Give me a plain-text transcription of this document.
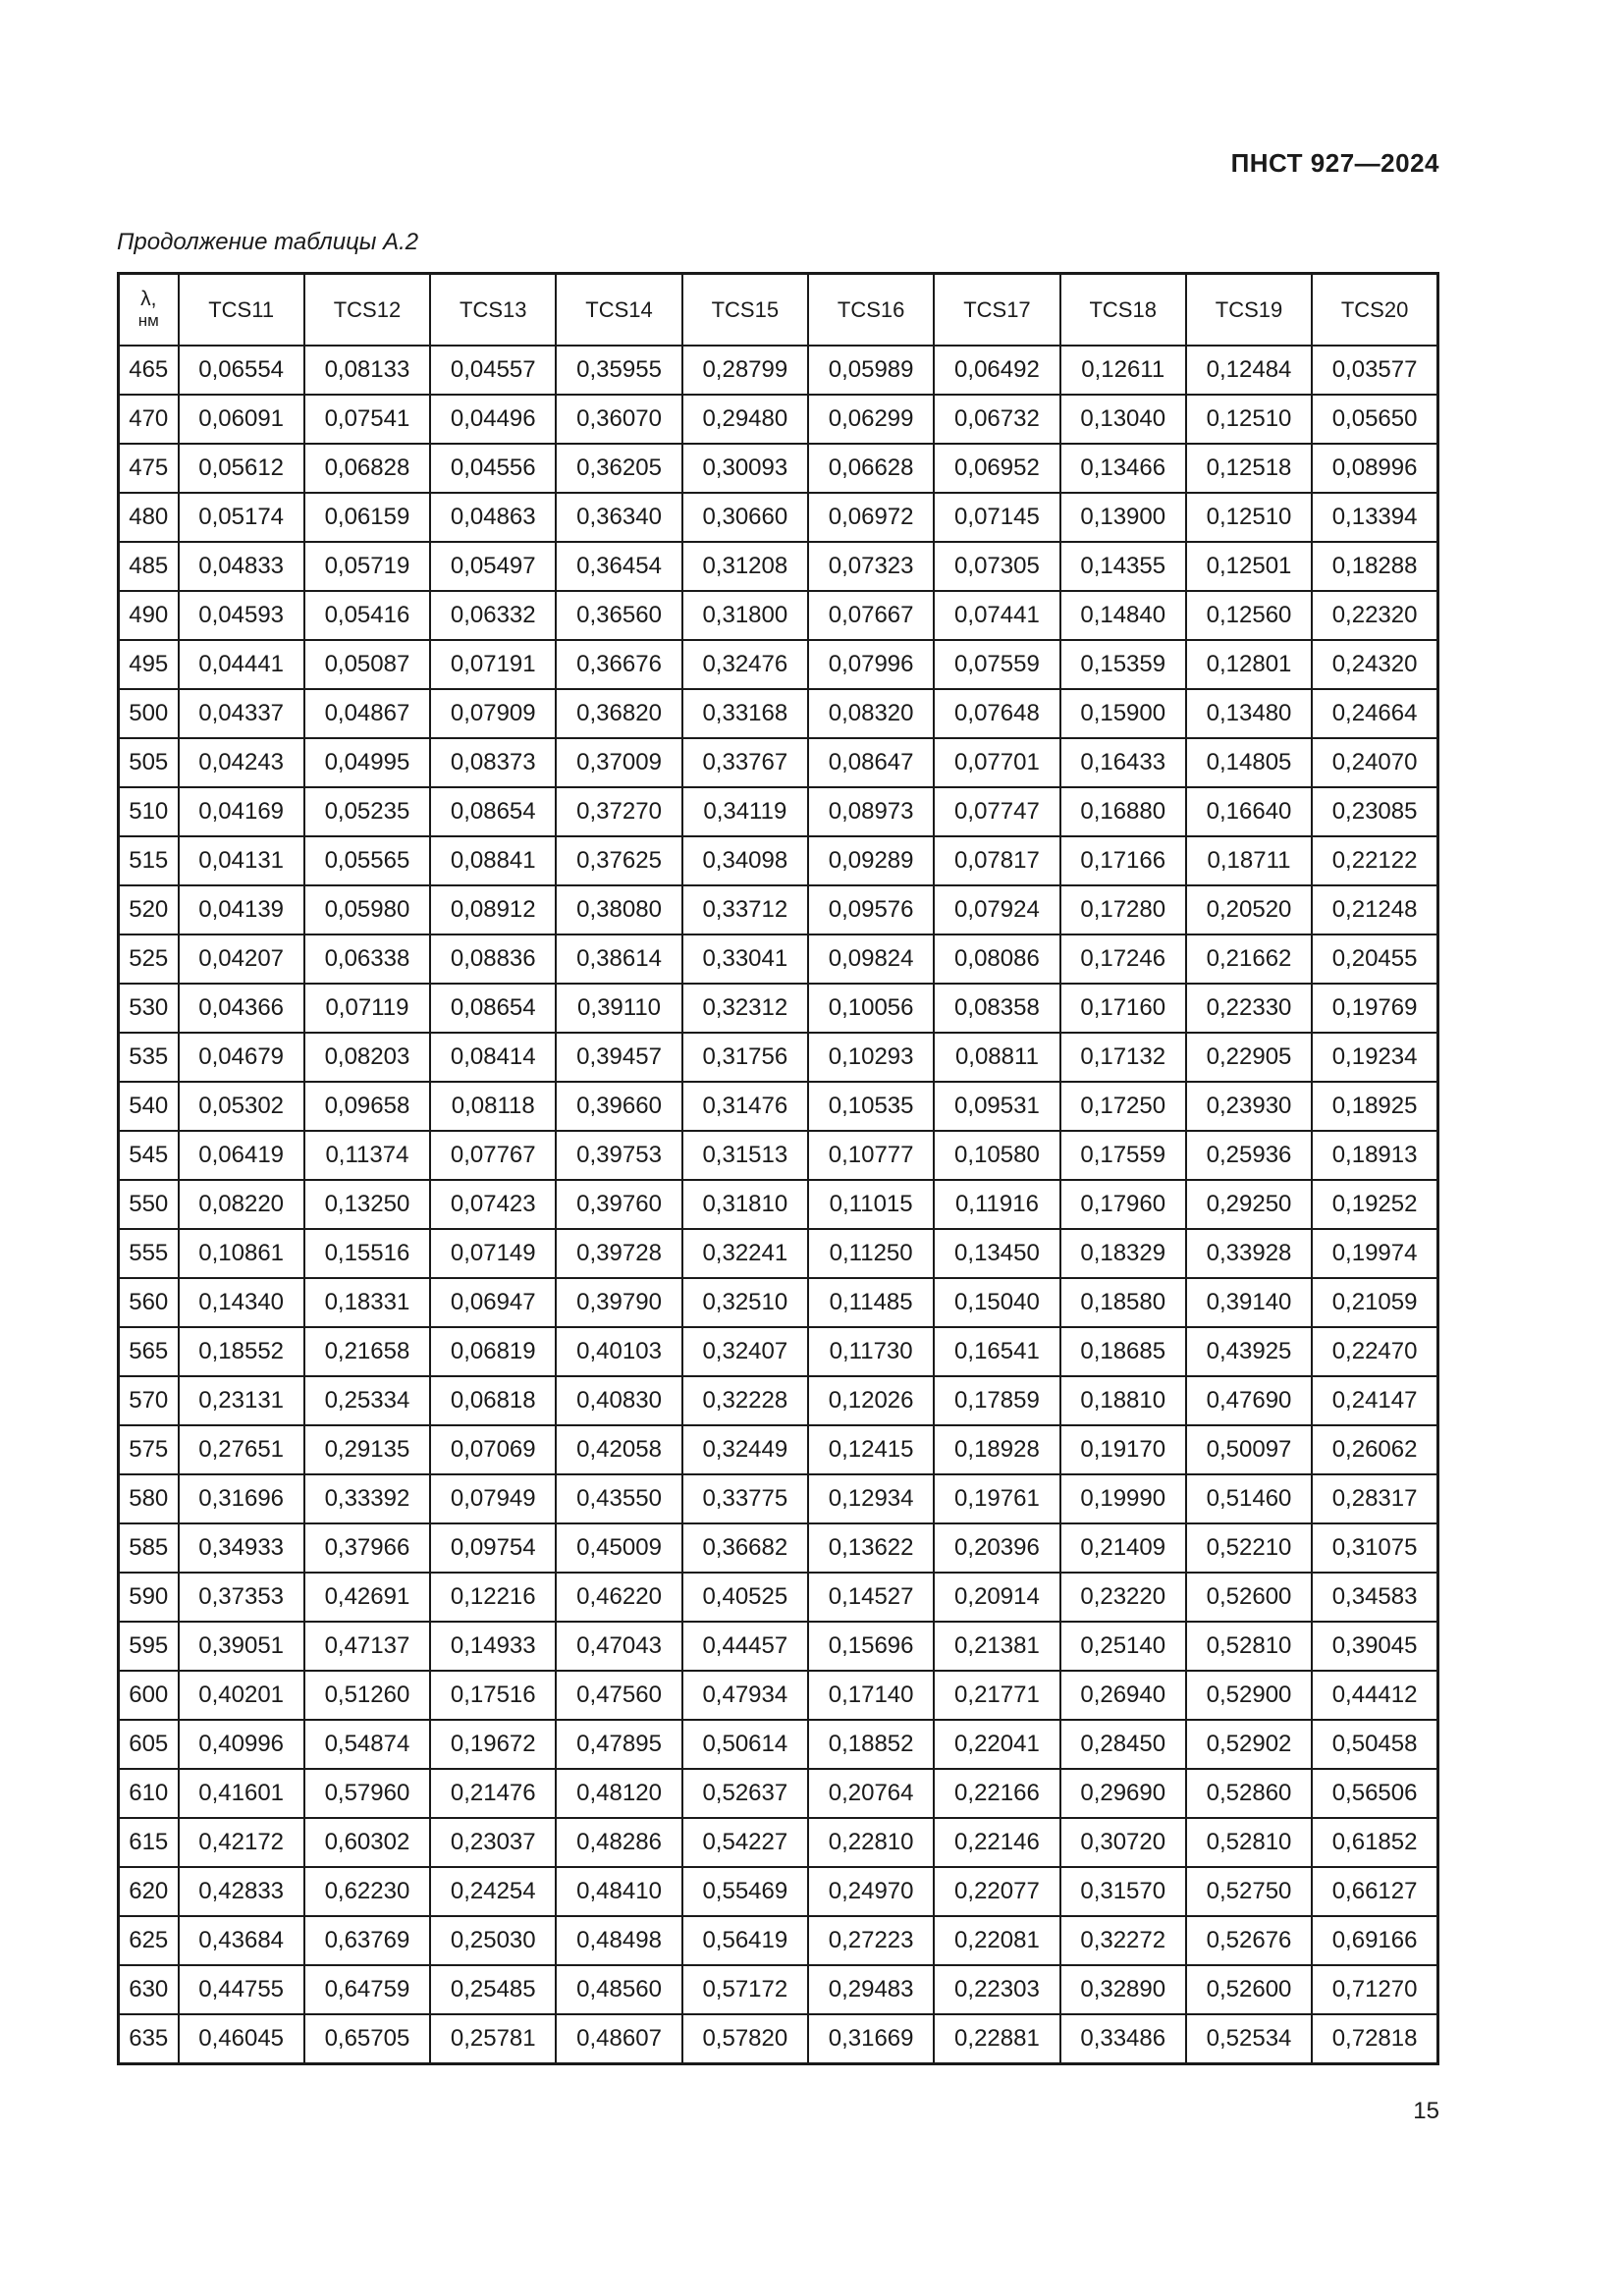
ПНСТ 927—2024
Продолжение таблицы А.2
λ,
нм	TCS11	TCS12	TCS13	TCS14	TCS15	TCS16	TCS17	TCS18	TCS19	TCS20
465	0,06554	0,08133	0,04557	0,35955	0,28799	0,05989	0,06492	0,12611	0,12484	0,03577
470	0,06091	0,07541	0,04496	0,36070	0,29480	0,06299	0,06732	0,13040	0,12510	0,05650
475	0,05612	0,06828	0,04556	0,36205	0,30093	0,06628	0,06952	0,13466	0,12518	0,08996
480	0,05174	0,06159	0,04863	0,36340	0,30660	0,06972	0,07145	0,13900	0,12510	0,13394
485	0,04833	0,05719	0,05497	0,36454	0,31208	0,07323	0,07305	0,14355	0,12501	0,18288
490	0,04593	0,05416	0,06332	0,36560	0,31800	0,07667	0,07441	0,14840	0,12560	0,22320
495	0,04441	0,05087	0,07191	0,36676	0,32476	0,07996	0,07559	0,15359	0,12801	0,24320
500	0,04337	0,04867	0,07909	0,36820	0,33168	0,08320	0,07648	0,15900	0,13480	0,24664
505	0,04243	0,04995	0,08373	0,37009	0,33767	0,08647	0,07701	0,16433	0,14805	0,24070
510	0,04169	0,05235	0,08654	0,37270	0,34119	0,08973	0,07747	0,16880	0,16640	0,23085
515	0,04131	0,05565	0,08841	0,37625	0,34098	0,09289	0,07817	0,17166	0,18711	0,22122
520	0,04139	0,05980	0,08912	0,38080	0,33712	0,09576	0,07924	0,17280	0,20520	0,21248
525	0,04207	0,06338	0,08836	0,38614	0,33041	0,09824	0,08086	0,17246	0,21662	0,20455
530	0,04366	0,07119	0,08654	0,39110	0,32312	0,10056	0,08358	0,17160	0,22330	0,19769
535	0,04679	0,08203	0,08414	0,39457	0,31756	0,10293	0,08811	0,17132	0,22905	0,19234
540	0,05302	0,09658	0,08118	0,39660	0,31476	0,10535	0,09531	0,17250	0,23930	0,18925
545	0,06419	0,11374	0,07767	0,39753	0,31513	0,10777	0,10580	0,17559	0,25936	0,18913
550	0,08220	0,13250	0,07423	0,39760	0,31810	0,11015	0,11916	0,17960	0,29250	0,19252
555	0,10861	0,15516	0,07149	0,39728	0,32241	0,11250	0,13450	0,18329	0,33928	0,19974
560	0,14340	0,18331	0,06947	0,39790	0,32510	0,11485	0,15040	0,18580	0,39140	0,21059
565	0,18552	0,21658	0,06819	0,40103	0,32407	0,11730	0,16541	0,18685	0,43925	0,22470
570	0,23131	0,25334	0,06818	0,40830	0,32228	0,12026	0,17859	0,18810	0,47690	0,24147
575	0,27651	0,29135	0,07069	0,42058	0,32449	0,12415	0,18928	0,19170	0,50097	0,26062
580	0,31696	0,33392	0,07949	0,43550	0,33775	0,12934	0,19761	0,19990	0,51460	0,28317
585	0,34933	0,37966	0,09754	0,45009	0,36682	0,13622	0,20396	0,21409	0,52210	0,31075
590	0,37353	0,42691	0,12216	0,46220	0,40525	0,14527	0,20914	0,23220	0,52600	0,34583
595	0,39051	0,47137	0,14933	0,47043	0,44457	0,15696	0,21381	0,25140	0,52810	0,39045
600	0,40201	0,51260	0,17516	0,47560	0,47934	0,17140	0,21771	0,26940	0,52900	0,44412
605	0,40996	0,54874	0,19672	0,47895	0,50614	0,18852	0,22041	0,28450	0,52902	0,50458
610	0,41601	0,57960	0,21476	0,48120	0,52637	0,20764	0,22166	0,29690	0,52860	0,56506
615	0,42172	0,60302	0,23037	0,48286	0,54227	0,22810	0,22146	0,30720	0,52810	0,61852
620	0,42833	0,62230	0,24254	0,48410	0,55469	0,24970	0,22077	0,31570	0,52750	0,66127
625	0,43684	0,63769	0,25030	0,48498	0,56419	0,27223	0,22081	0,32272	0,52676	0,69166
630	0,44755	0,64759	0,25485	0,48560	0,57172	0,29483	0,22303	0,32890	0,52600	0,71270
635	0,46045	0,65705	0,25781	0,48607	0,57820	0,31669	0,22881	0,33486	0,52534	0,72818
15
